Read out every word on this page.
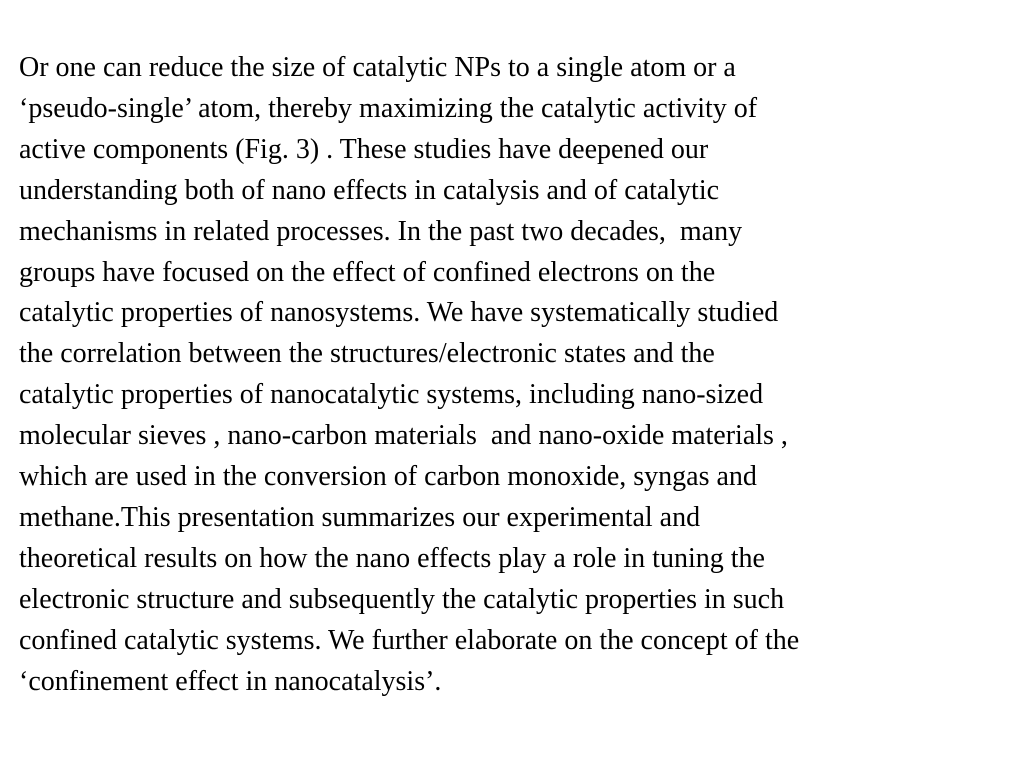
Or one can reduce the size of catalytic NPs to a single atom or a
‘pseudo-single’ atom, thereby maximizing the catalytic activity of
active components (Fig. 3) . These studies have deepened our
understanding both of nano effects in catalysis and of catalytic
mechanisms in related processes. In the past two decades,  many
groups have focused on the effect of confined electrons on the
catalytic properties of nanosystems. We have systematically studied
the correlation between the structures/electronic states and the
catalytic properties of nanocatalytic systems, including nano-sized
molecular sieves , nano-carbon materials  and nano-oxide materials ,
which are used in the conversion of carbon monoxide, syngas and
methane.This presentation summarizes our experimental and
theoretical results on how the nano effects play a role in tuning the
electronic structure and subsequently the catalytic properties in such
confined catalytic systems. We further elaborate on the concept of the
‘confinement effect in nanocatalysis’.
